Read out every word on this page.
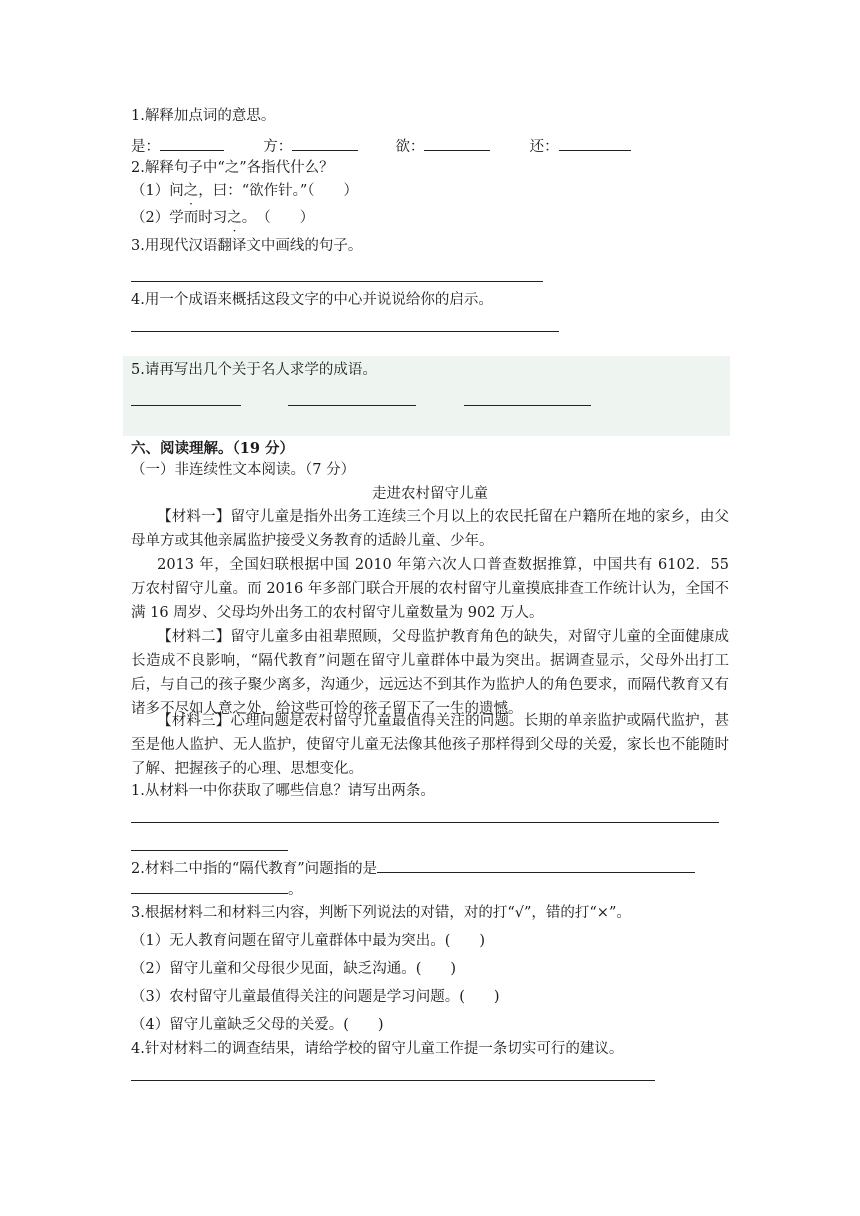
1.解释加点词的意思。
是：	方：	欲：	还：
2.解释句子中“之”各指代什么？
（1）问之，曰：“欲作针。”（　　）
（2）学而时习之。　（　　）
3.用现代汉语翻译文中画线的句子。
4.用一个成语来概括这段文字的中心并说说给你的启示。
5.请再写出几个关于名人求学的成语。
六、阅读理解。（19 分）
（一）非连续性文本阅读。（7 分）
走进农村留守儿童
【材料一】留守儿童是指外出务工连续三个月以上的农民托留在户籍所在地的家乡，由父母单方或其他亲属监护接受义务教育的适龄儿童、少年。
2013 年，全国妇联根据中国 2010 年第六次人口普查数据推算，中国共有 6102．55 万农村留守儿童。而 2016 年多部门联合开展的农村留守儿童摸底排查工作统计认为，全国不满 16 周岁、父母均外出务工的农村留守儿童数量为 902 万人。
【材料二】留守儿童多由祖辈照顾，父母监护教育角色的缺失，对留守儿童的全面健康成长造成不良影响，“隔代教育”问题在留守儿童群体中最为突出。据调查显示，父母外出打工后，与自己的孩子聚少离多，沟通少，远远达不到其作为监护人的角色要求，而隔代教育又有诸多不尽如人意之处，给这些可怜的孩子留下了一生的遗憾。
【材料三】心理问题是农村留守儿童最值得关注的问题。长期的单亲监护或隔代监护，甚至是他人监护、无人监护，使留守儿童无法像其他孩子那样得到父母的关爱，家长也不能随时了解、把握孩子的心理、思想变化。
1.从材料一中你获取了哪些信息？请写出两条。
2.材料二中指的“隔代教育”问题指的是
。
3.根据材料二和材料三内容，判断下列说法的对错，对的打“√”，错的打“×”。
（1）无人教育问题在留守儿童群体中最为突出。(　　)
（2）留守儿童和父母很少见面，缺乏沟通。(　　)
（3）农村留守儿童最值得关注的问题是学习问题。(　　)
（4）留守儿童缺乏父母的关爱。(　　)
4.针对材料二的调查结果，请给学校的留守儿童工作提一条切实可行的建议。
